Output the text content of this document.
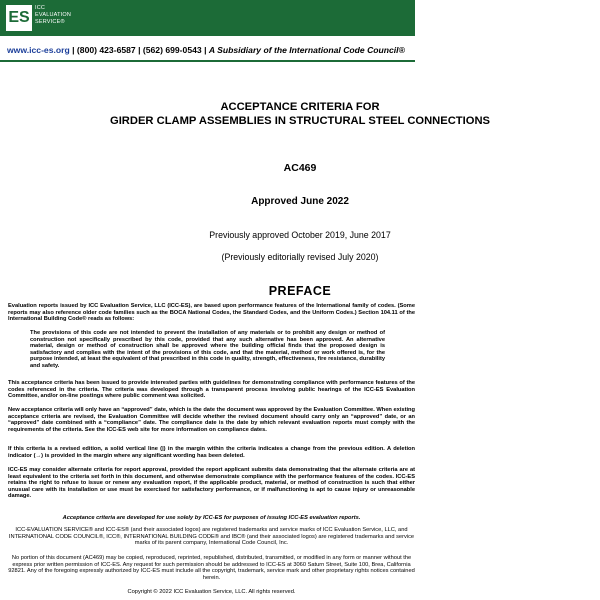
ES
ICC
EVALUATION
SERVICE®
www.icc-es.org | (800) 423-6587 | (562) 699-0543 | A Subsidiary of the International Code Council®
ACCEPTANCE CRITERIA FOR
GIRDER CLAMP ASSEMBLIES IN STRUCTURAL STEEL CONNECTIONS
AC469
Approved June 2022
Previously approved October 2019, June 2017
(Previously editorially revised July 2020)
PREFACE
Evaluation reports issued by ICC Evaluation Service, LLC (ICC-ES), are based upon performance features of the International family of codes. (Some reports may also reference older code families such as the BOCA National Codes, the Standard Codes, and the Uniform Codes.) Section 104.11 of the International Building Code® reads as follows:
The provisions of this code are not intended to prevent the installation of any materials or to prohibit any design or method of construction not specifically prescribed by this code, provided that any such alternative has been approved. An alternative material, design or method of construction shall be approved where the building official finds that the proposed design is satisfactory and complies with the intent of the provisions of this code, and that the material, method or work offered is, for the purpose intended, at least the equivalent of that prescribed in this code in quality, strength, effectiveness, fire resistance, durability and safety.
This acceptance criteria has been issued to provide interested parties with guidelines for demonstrating compliance with performance features of the codes referenced in the criteria. The criteria was developed through a transparent process involving public hearings of the ICC-ES Evaluation Committee, and/or on-line postings where public comment was solicited.
New acceptance criteria will only have an “approved” date, which is the date the document was approved by the Evaluation Committee. When existing acceptance criteria are revised, the Evaluation Committee will decide whether the revised document should carry only an “approved” date, or an “approved” date combined with a “compliance” date. The compliance date is the date by which relevant evaluation reports must comply with the requirements of the criteria. See the ICC-ES web site for more information on compliance dates.
If this criteria is a revised edition, a solid vertical line (|) in the margin within the criteria indicates a change from the previous edition. A deletion indicator (→) is provided in the margin where any significant wording has been deleted.
ICC-ES may consider alternate criteria for report approval, provided the report applicant submits data demonstrating that the alternate criteria are at least equivalent to the criteria set forth in this document, and otherwise demonstrate compliance with the performance features of the codes. ICC-ES retains the right to refuse to issue or renew any evaluation report, if the applicable product, material, or method of construction is such that either unusual care with its installation or use must be exercised for satisfactory performance, or if malfunctioning is apt to cause injury or unreasonable damage.
Acceptance criteria are developed for use solely by ICC-ES for purposes of issuing ICC-ES evaluation reports.
ICC-EVALUATION SERVICE® and ICC-ES® (and their associated logos) are registered trademarks and service marks of ICC Evaluation Service, LLC, and INTERNATIONAL CODE COUNCIL®, ICC®, INTERNATIONAL BUILDING CODE® and IBC® (and their associated logos) are registered trademarks and service marks of its parent company, International Code Council, Inc.
No portion of this document (AC469) may be copied, reproduced, reprinted, republished, distributed, transmitted, or modified in any form or manner without the express prior written permission of ICC-ES. Any request for such permission should be addressed to ICC-ES at 3060 Saturn Street, Suite 100, Brea, California 92821. Any of the foregoing expressly authorized by ICC-ES must include all the copyright, trademark, service mark and other proprietary rights notices contained herein.
Copyright © 2022 ICC Evaluation Service, LLC. All rights reserved.
